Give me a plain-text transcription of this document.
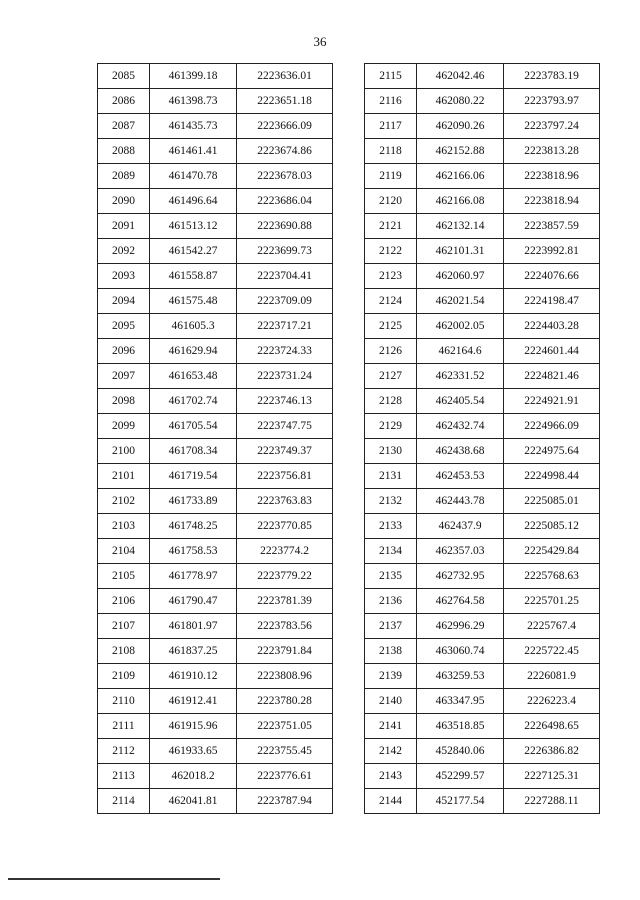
36
2085	461399.18	2223636.01
2086	461398.73	2223651.18
2087	461435.73	2223666.09
2088	461461.41	2223674.86
2089	461470.78	2223678.03
2090	461496.64	2223686.04
2091	461513.12	2223690.88
2092	461542.27	2223699.73
2093	461558.87	2223704.41
2094	461575.48	2223709.09
2095	461605.3	2223717.21
2096	461629.94	2223724.33
2097	461653.48	2223731.24
2098	461702.74	2223746.13
2099	461705.54	2223747.75
2100	461708.34	2223749.37
2101	461719.54	2223756.81
2102	461733.89	2223763.83
2103	461748.25	2223770.85
2104	461758.53	2223774.2
2105	461778.97	2223779.22
2106	461790.47	2223781.39
2107	461801.97	2223783.56
2108	461837.25	2223791.84
2109	461910.12	2223808.96
2110	461912.41	2223780.28
2111	461915.96	2223751.05
2112	461933.65	2223755.45
2113	462018.2	2223776.61
2114	462041.81	2223787.94
2115	462042.46	2223783.19
2116	462080.22	2223793.97
2117	462090.26	2223797.24
2118	462152.88	2223813.28
2119	462166.06	2223818.96
2120	462166.08	2223818.94
2121	462132.14	2223857.59
2122	462101.31	2223992.81
2123	462060.97	2224076.66
2124	462021.54	2224198.47
2125	462002.05	2224403.28
2126	462164.6	2224601.44
2127	462331.52	2224821.46
2128	462405.54	2224921.91
2129	462432.74	2224966.09
2130	462438.68	2224975.64
2131	462453.53	2224998.44
2132	462443.78	2225085.01
2133	462437.9	2225085.12
2134	462357.03	2225429.84
2135	462732.95	2225768.63
2136	462764.58	2225701.25
2137	462996.29	2225767.4
2138	463060.74	2225722.45
2139	463259.53	2226081.9
2140	463347.95	2226223.4
2141	463518.85	2226498.65
2142	452840.06	2226386.82
2143	452299.57	2227125.31
2144	452177.54	2227288.11
